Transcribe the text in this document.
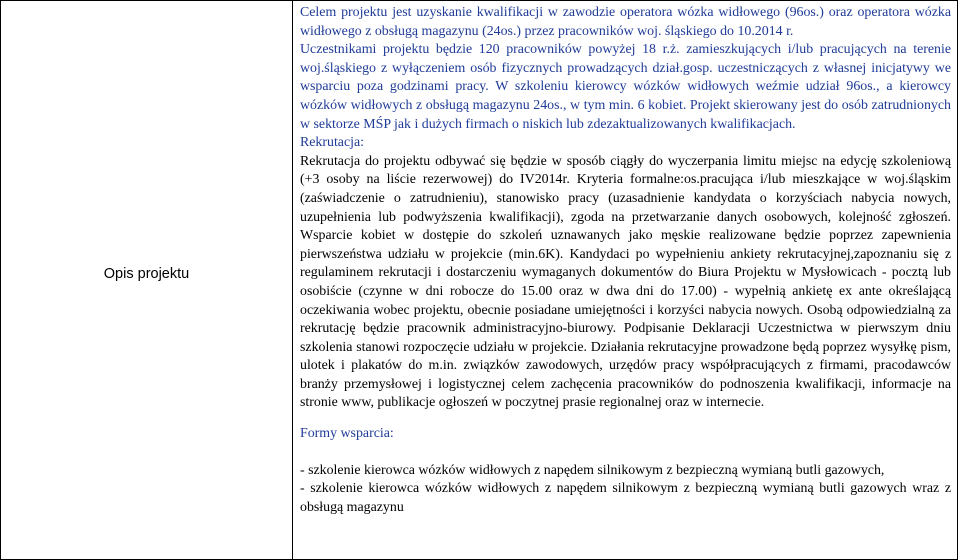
Opis projektu

Celem projektu jest uzyskanie kwalifikacji w zawodzie operatora wózka widłowego (96os.) oraz operatora wózka widłowego z obsługą magazynu (24os.) przez pracowników woj. śląskiego do 10.2014 r.

Uczestnikami projektu będzie 120 pracowników powyżej 18 r.ż. zamieszkujących i/lub pracujących na terenie woj.śląskiego z wyłączeniem osób fizycznych prowadzących dział.gosp. uczestniczących z własnej inicjatywy we wsparciu poza godzinami pracy. W szkoleniu kierowcy wózków widłowych weźmie udział 96os., a kierowcy wózków widłowych z obsługą magazynu 24os., w tym min. 6 kobiet. Projekt skierowany jest do osób zatrudnionych w sektorze MŚP jak i dużych firmach o niskich lub zdezaktualizowanych kwalifikacjach.

Rekrutacja:

Rekrutacja do projektu odbywać się będzie w sposób ciągły do wyczerpania limitu miejsc na edycję szkoleniową (+3 osoby na liście rezerwowej) do IV2014r. Kryteria formalne:os.pracująca i/lub mieszkające w woj.śląskim (zaświadczenie o zatrudnieniu), stanowisko pracy (uzasadnienie kandydata o korzyściach nabycia nowych, uzupełnienia lub podwyższenia kwalifikacji), zgoda na przetwarzanie danych osobowych, kolejność zgłoszeń. Wsparcie kobiet w dostępie do szkoleń uznawanych jako męskie realizowane będzie poprzez zapewnienia pierwszeństwa udziału w projekcie (min.6K). Kandydaci po wypełnieniu ankiety rekrutacyjnej,zapoznaniu się z regulaminem rekrutacji i dostarczeniu wymaganych dokumentów do Biura Projektu w Mysłowicach - pocztą lub osobiście (czynne w dni robocze do 15.00 oraz w dwa dni do 17.00) - wypełnią ankietę ex ante określającą oczekiwania wobec projektu, obecnie posiadane umiejętności i korzyści nabycia nowych. Osobą odpowiedzialną za rekrutację będzie pracownik administracyjno-biurowy. Podpisanie Deklaracji Uczestnictwa w pierwszym dniu szkolenia stanowi rozpoczęcie udziału w projekcie. Działania rekrutacyjne prowadzone będą poprzez wysyłkę pism, ulotek i plakatów do m.in. związków zawodowych, urzędów pracy współpracujących z firmami, pracodawców branży przemysłowej i logistycznej celem zachęcenia pracowników do podnoszenia kwalifikacji, informacje na stronie www, publikacje ogłoszeń w poczytnej prasie regionalnej oraz w internecie.

Formy wsparcia:

- szkolenie kierowca wózków widłowych z napędem silnikowym z bezpieczną wymianą butli gazowych,

- szkolenie kierowca wózków widłowych z napędem silnikowym z bezpieczną wymianą butli gazowych wraz z obsługą magazynu
